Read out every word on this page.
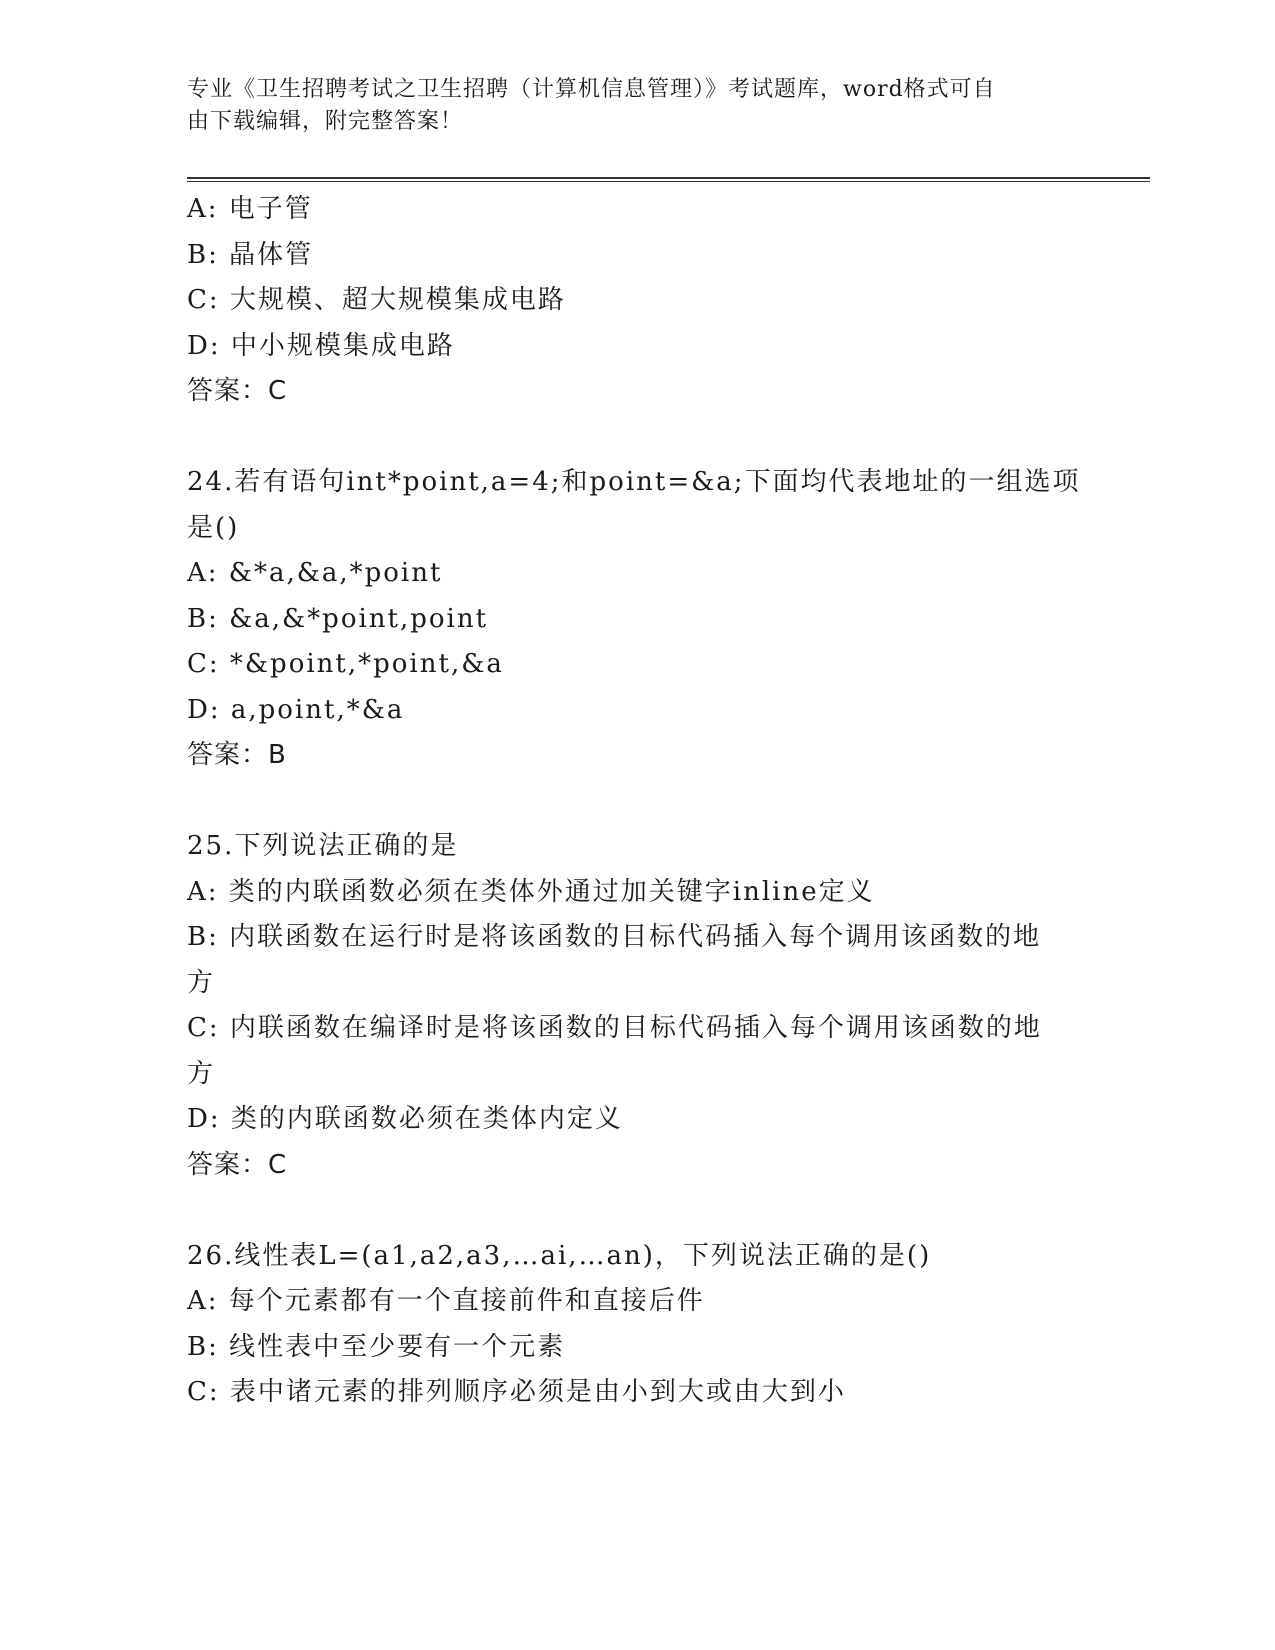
专业《卫生招聘考试之卫生招聘（计算机信息管理）》考试题库，word格式可自
由下载编辑，附完整答案！
A: 电子管
B: 晶体管
C: 大规模、超大规模集成电路
D: 中小规模集成电路
答案：C
24.若有语句int*point,a=4;和point=&a;下面均代表地址的一组选项
是()
A: &*a,&a,*point
B: &a,&*point,point
C: *&point,*point,&a
D: a,point,*&a
答案：B
25.下列说法正确的是
A: 类的内联函数必须在类体外通过加关键字inline定义
B: 内联函数在运行时是将该函数的目标代码插入每个调用该函数的地
方
C: 内联函数在编译时是将该函数的目标代码插入每个调用该函数的地
方
D: 类的内联函数必须在类体内定义
答案：C
26.线性表L=(a1,a2,a3,…ai,…an)，下列说法正确的是()
A: 每个元素都有一个直接前件和直接后件
B: 线性表中至少要有一个元素
C: 表中诸元素的排列顺序必须是由小到大或由大到小
